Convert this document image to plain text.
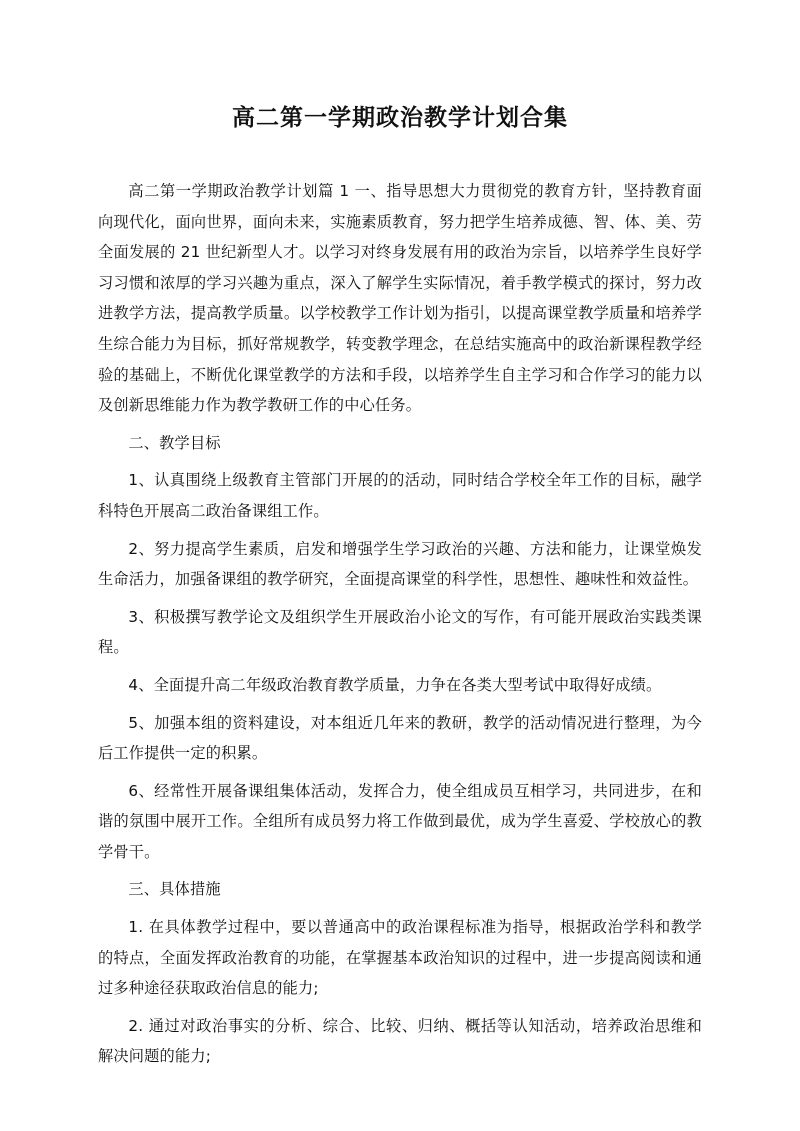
高二第一学期政治教学计划合集

高二第一学期政治教学计划篇 1 一、指导思想大力贯彻党的教育方针，坚持教育面向现代化，面向世界，面向未来，实施素质教育，努力把学生培养成德、智、体、美、劳全面发展的 21 世纪新型人才。以学习对终身发展有用的政治为宗旨，以培养学生良好学习习惯和浓厚的学习兴趣为重点，深入了解学生实际情况，着手教学模式的探讨，努力改进教学方法，提高教学质量。以学校教学工作计划为指引，以提高课堂教学质量和培养学生综合能力为目标，抓好常规教学，转变教学理念，在总结实施高中的政治新课程教学经验的基础上，不断优化课堂教学的方法和手段，以培养学生自主学习和合作学习的能力以及创新思维能力作为教学教研工作的中心任务。

二、教学目标

1、认真围绕上级教育主管部门开展的的活动，同时结合学校全年工作的目标，融学科特色开展高二政治备课组工作。

2、努力提高学生素质，启发和增强学生学习政治的兴趣、方法和能力，让课堂焕发生命活力，加强备课组的教学研究，全面提高课堂的科学性，思想性、趣味性和效益性。

3、积极撰写教学论文及组织学生开展政治小论文的写作，有可能开展政治实践类课程。

4、全面提升高二年级政治教育教学质量，力争在各类大型考试中取得好成绩。

5、加强本组的资料建设，对本组近几年来的教研，教学的活动情况进行整理，为今后工作提供一定的积累。

6、经常性开展备课组集体活动，发挥合力，使全组成员互相学习，共同进步，在和谐的氛围中展开工作。全组所有成员努力将工作做到最优，成为学生喜爱、学校放心的教学骨干。

三、具体措施

1. 在具体教学过程中，要以普通高中的政治课程标准为指导，根据政治学科和教学的特点，全面发挥政治教育的功能，在掌握基本政治知识的过程中，进一步提高阅读和通过多种途径获取政治信息的能力;

2. 通过对政治事实的分析、综合、比较、归纳、概括等认知活动，培养政治思维和解决问题的能力;
